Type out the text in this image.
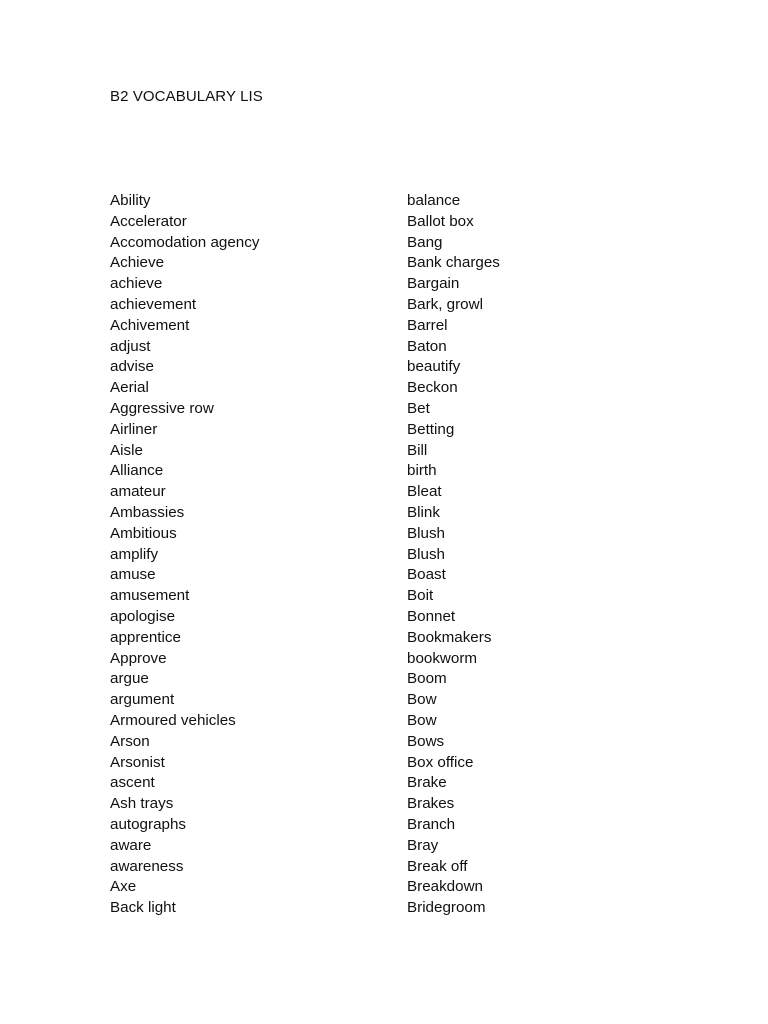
B2 VOCABULARY LIS
Ability
Accelerator
Accomodation agency
Achieve
achieve
achievement
Achivement
adjust
advise
Aerial
Aggressive row
Airliner
Aisle
Alliance
amateur
Ambassies
Ambitious
amplify
amuse
amusement
apologise
apprentice
Approve
argue
argument
Armoured vehicles
Arson
Arsonist
ascent
Ash trays
autographs
aware
awareness
Axe
Back light
balance
Ballot box
Bang
Bank charges
Bargain
Bark, growl
Barrel
Baton
beautify
Beckon
Bet
Betting
Bill
birth
Bleat
Blink
Blush
Blush
Boast
Boit
Bonnet
Bookmakers
bookworm
Boom
Bow
Bow
Bows
Box office
Brake
Brakes
Branch
Bray
Break off
Breakdown
Bridegroom
